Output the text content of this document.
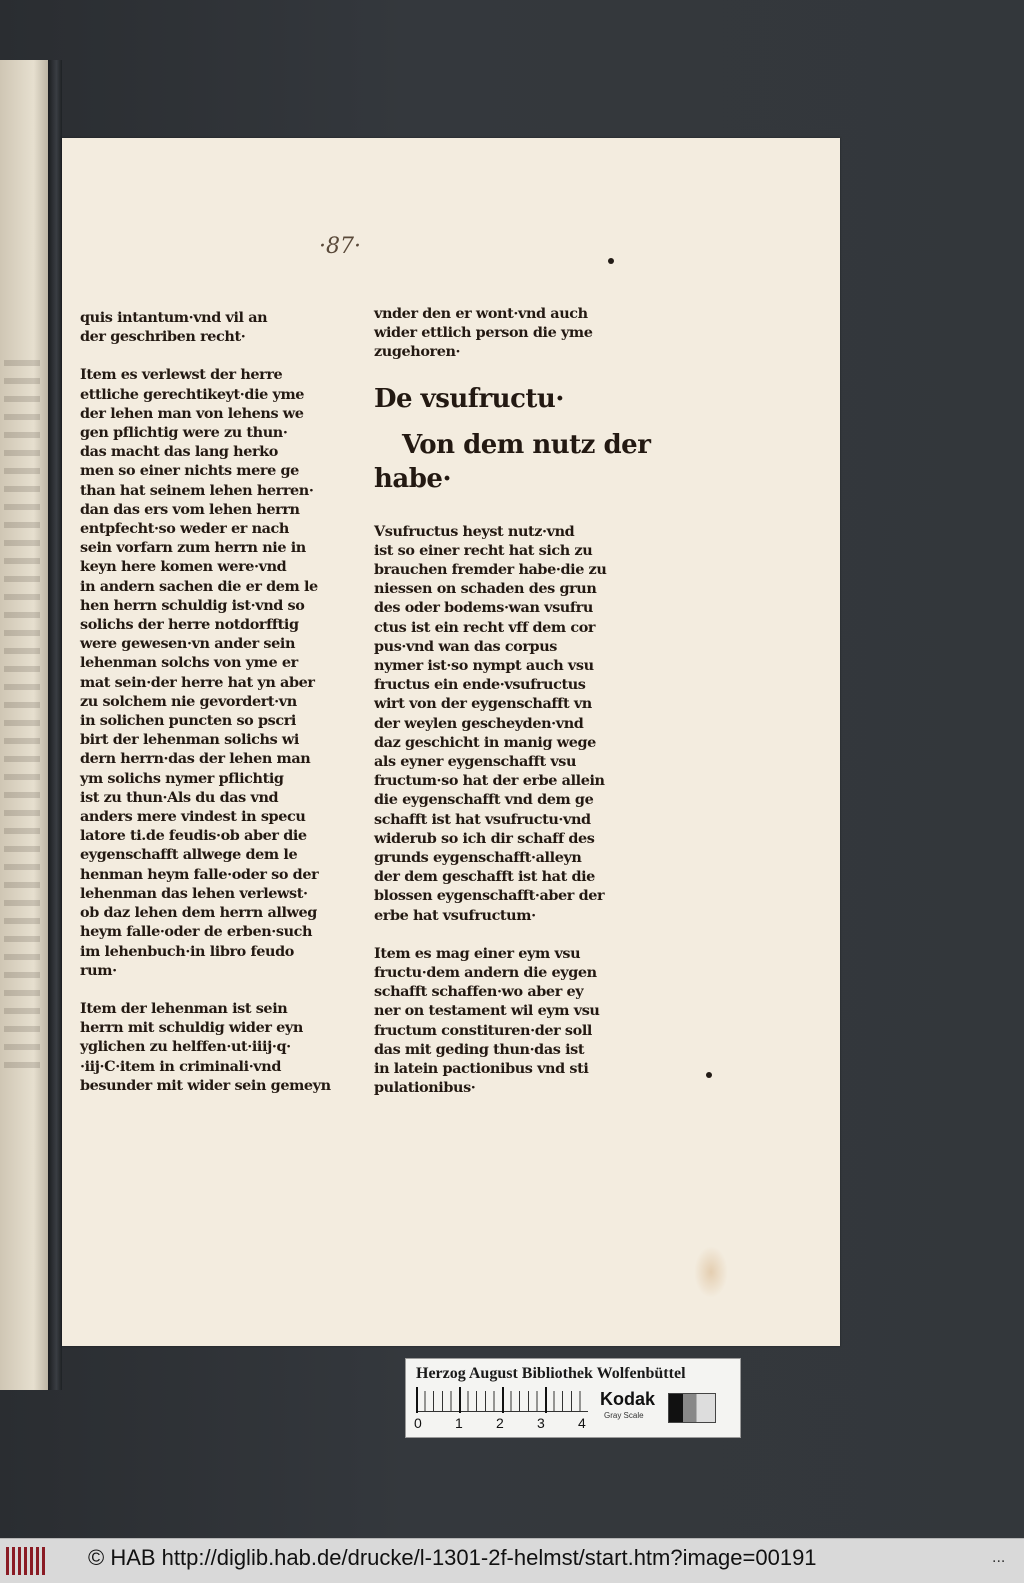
·87·

quis intantum·vnd vil an

der geschriben recht·

Item es verlewst der herre

ettliche gerechtikeyt·die yme

der lehen man von lehens we

gen pflichtig were zu thun·

das macht das lang herko

men so einer nichts mere ge

than hat seinem lehen herren·

dan das ers vom lehen herrn

entpfecht·so weder er nach

sein vorfarn zum herrn nie in

keyn here komen were·vnd

in andern sachen die er dem le

hen herrn schuldig ist·vnd so

solichs der herre notdorfftig

were gewesen·vn ander sein

lehenman solchs von yme er

mat sein·der herre hat yn aber

zu solchem nie gevordert·vn

in solichen puncten so pscri

birt der lehenman solichs wi

dern herrn·das der lehen man

ym solichs nymer pflichtig

ist zu thun·Als du das vnd

anders mere vindest in specu

latore ti.de feudis·ob aber die

eygenschafft allwege dem le

henman heym falle·oder so der

lehenman das lehen verlewst·

ob daz lehen dem herrn allweg

heym falle·oder de erben·such

im lehenbuch·in libro feudo

rum·

Item der lehenman ist sein

herrn mit schuldig wider eyn

yglichen zu helffen·ut·iiij·q·

·iij·C·item in criminali·vnd

besunder mit wider sein gemeyn

vnder den er wont·vnd auch

wider ettlich person die yme

zugehoren·

De vsufructu·

Von dem nutz der

habe·

Vsufructus heyst nutz·vnd

ist so einer recht hat sich zu

brauchen fremder habe·die zu

niessen on schaden des grun

des oder bodems·wan vsufru

ctus ist ein recht vff dem cor

pus·vnd wan das corpus

nymer ist·so nympt auch vsu

fructus ein ende·vsufructus

wirt von der eygenschafft vn

der weylen gescheyden·vnd

daz geschicht in manig wege

als eyner eygenschafft vsu

fructum·so hat der erbe allein

die eygenschafft vnd dem ge

schafft ist hat vsufructu·vnd

widerub so ich dir schaff des

grunds eygenschafft·alleyn

der dem geschafft ist hat die

blossen eygenschafft·aber der

erbe hat vsufructum·

Item es mag einer eym vsu

fructu·dem andern die eygen

schafft schaffen·wo aber ey

ner on testament wil eym vsu

fructum constituren·der soll

das mit geding thun·das ist

in latein pactionibus vnd sti

pulationibus·

Herzog August Bibliothek Wolfenbüttel
0 1 2 3 4
Kodak
Gray Scale
© HAB http://diglib.hab.de/drucke/l-1301-2f-helmst/start.htm?image=00191	...
